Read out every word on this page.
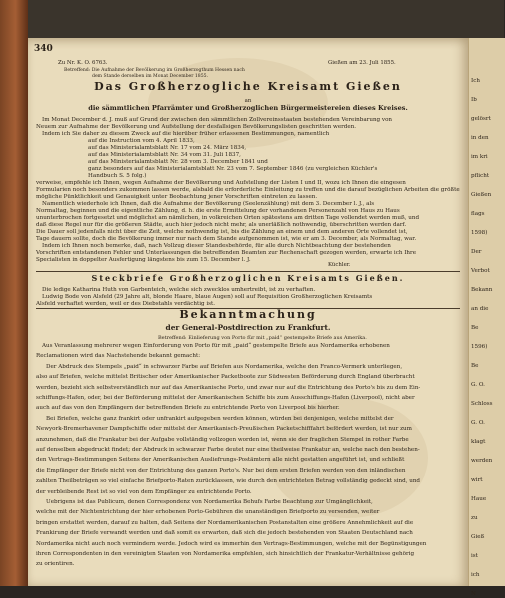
340
Zu Nr. K. O. 6763.	Gießen am 23. Juli 1855.
Betreffend: Die Aufnahme der Bevölkerung im Großherzogthum Hessen nach
dem Stande derselben im Monat December 1855.
Das Großherzogliche Kreisamt Gießen
an
die sämmtlichen Pfarrämter und Großherzoglichen Bürgermeistereien dieses Kreises.
Im Monat December d. J. muß auf Grund der zwischen den sämmtlichen Zollvereinsstaaten bestehenden Vereinbarung von
Neuem zur Aufnahme der Bevölkerung und Aufstellung der desfallsigen Bevölkerungslisten geschritten werden.
Indem ich Sie daher zu diesem Zweck auf die hierüber früher erlassenen Bestimmungen, namentlich
auf die Instruction vom 4. April 1833,
auf das Ministerialamtsblatt Nr. 17 vom 24. März 1834,
auf das Ministerialamtsblatt Nr. 34 vom 31. Juli 1837,
auf das Ministerialamtsblatt Nr. 28 vom 3. December 1841 und
ganz besonders auf das Ministerialamtsblatt Nr. 23 vom 7. September 1846 (zu vergleichen Küchler's
Handbuch S. 5 folg.)
verweise, empfehle ich Ihnen, wegen Aufnahme der Bevölkerung und Aufstellung der Listen I und II, wozu ich Ihnen die eingesen
Formularien noch besonders zukommen lassen werde, alsbald die erforderliche Einleitung zu treffen und die darauf bezüglichen Arbeiten die größte
mögliche Pünktlichkeit und Genauigkeit unter Beobachtung jener Vorschriften eintreten zu lassen.
Namentlich wiederhole ich Ihnen, daß die Aufnahme der Bevölkerung (Seelenzählung) mit dem 3. December l. J., als
Normaltag, beginnen und die eigentliche Zählung, d. h. die erste Ermittelung der vorhandenen Personenzahl von Haus zu Haus
ununterbrochen fortgesetzt und möglichst am nämlichen, in volkreichen Orten spätestens am dritten Tage vollendet werden muß, und
daß diese Regel nur für die größeren Städte, auch hier jedoch nicht mehr, als unerläßlich nothwendig, überschritten werden darf.
Die Dauer soll jedenfalls nicht über die Zeit, welche nothwendig ist, bis die Zählung an einem und dem anderen Orte vollendet ist,
Tage dauern sollte, doch die Bevölkerung immer nur nach dem Stande aufgenommen ist, wie er am 3. December, als Normaltag, war.
Indem ich Ihnen noch bemerke, daß, nach Vollzug dieser Standesbehörde, für alle durch Nichtbeachtung der bestehenden
Vorschriften entstandenen Fehler und Unterlassungen die betreffenden Beamten zur Rechenschaft gezogen werden, erwarte ich Ihre
Specialisten in doppelter Ausfertigung längstens bis zum 15. December l. J.
Küchler.
Steckbriefe Großherzoglichen Kreisamts Gießen.
Die ledige Katharina Huth von Garbenteich, welche sich zwecklos umhertreibt, ist zu verhaften.
Ludwig Bode von Alsfeld (29 Jahre alt, blonde Haare, blaue Augen) soll auf Requisition Großherzoglichen Kreisamts
Alsfeld verhaftet werden, weil er des Diebstahls verdächtig ist.
Bekanntmachung
der General-Postdirection zu Frankfurt.
Betreffend: Einlieferung von Porto für mit „paid“ gestempelte Briefe aus Amerika.
Aus Veranlassung mehrerer wegen Einforderung von Porto für mit „paid“ gestempelte Briefe aus Nordamerika erhobenen
Reclamationen wird das Nachstehende bekannt gemacht:
Der Abdruck des Stempels „paid“ in schwarzer Farbe auf Briefen aus Nordamerika, welche den Franco-Vermerk unterliegen,
also auf Briefen, welche mittelst Britischer oder Amerikanischer Packetboote zur Südwesten Beförderung durch England überbracht
werden, bezieht sich selbstverständlich nur auf das Amerikanische Porto, und zwar nur auf die Entrichtung des Porto's bis zu dem Ein-
schiffungs-Hafen, oder, bei der Beförderung mittelst der Amerikanischen Schiffe bis zum Ausschiffungs-Hafen (Liverpool), nicht aber
auch auf das von den Empfängern der betreffenden Briefe zu entrichtende Porto von Liverpool bis hierher.
Bei Briefen, welche ganz frankirt oder unfrankirt aufgegeben werden können, würden bei denjenigen, welche mittelst der
Newyork-Bremerhavener Dampfschiffe oder mittelst der Amerikanisch-Preußischen Packetschifffahrt befördert werden, ist nur zum
anzunehmen, daß die Frankatur bei der Aufgabe vollständig vollzogen worden ist, wenn sie der fraglichen Stempel in rother Farbe
auf denselben abgedruckt findet; der Abdruck in schwarzer Farbe deutet nur eine theilweise Frankatur an, welche nach den bestehen-
den Vertrags-Bestimmungen Seitens der Amerikanischen Ausliefrungs-Postämtern alle nicht gestatten angeführt ist, und schließt
die Empfänger der Briefe nicht von der Entrichtung des ganzen Porto's. Nur bei dem ersten Briefen werden von den inländischen
zahlten Theilbeträgen so viel einfache Briefporto-Raten zurücklassen, wie durch den entrichteten Betrag vollständig gedeckt sind, und
der verbleibende Rest ist so viel von dem Empfänger zu entrichtende Porto.
Uebrigens ist das Publicum, denen Correspondenz von Nordamerika Behufs Farbe Beachtung zur Umgänglichkeit,
welche mit der Nichtentrichtung der hier erhobenen Porto-Gebühren die unanständigen Briefporto zu versenden, weiter
bringen erstattet werden, darauf zu halten, daß Seitens der Nordamerikanischen Postanstalten eine größere Annehmlichkeit auf die
Frankirung der Briefe verwandt werden und daß somit es erwarten, daß sich die jedoch bestehenden von Staaten Deutschland nach
Nordamerika nicht auch noch vermindern werde. Jedoch wird es immerhin den Vertrags-Bestimmungen, welche mit der Begünstigungen
ihren Correspondenten in den vereinigten Staaten von Nordamerika empfehlen, sich hinsichtlich der Frankatur-Verhältnisse gehörig
zu orientiren.
Ich
Ib
gelösrt
in den
im kri
pflicht
Gießen
flags
1598)
Der
Verbot
Bekann
an die
Be
1596)
Be
G. O.
Schloss
G. O.
klagt
werden
wirt
Haue
zu
Gieß
ist
ich
N
